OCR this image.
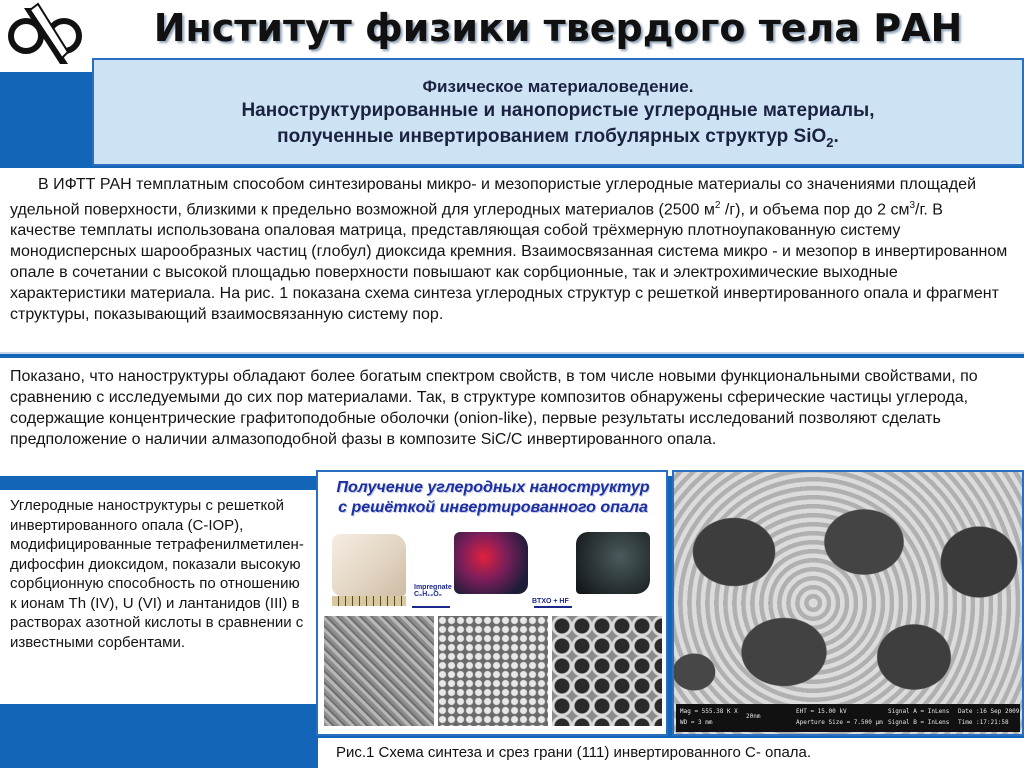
Институт физики твердого тела РАН
Физическое материаловедение.
Наноструктурированные и нанопористые углеродные материалы,
полученные инвертированием глобулярных структур SiO$_2$.
В ИФТТ РАН темплатным способом синтезированы микро- и мезопористые углеродные материалы со значениями площадей удельной поверхности, близкими к предельно возможной для углеродных материалов (2500 $м^2$ /г), и объема пор до 2 $см^3/г$. В качестве темплаты использована опаловая матрица, представляющая собой трёхмерную плотноупакованную систему монодисперсных шарообразных частиц (глобул) диоксида кремния. Взаимосвязанная система микро - и мезопор в инвертированном опале в сочетании с высокой площадью поверхности повышают как сорбционные, так и электрохимические выходные характеристики материала. На рис. 1 показана схема синтеза углеродных структур с решеткой инвертированного опала и фрагмент структуры, показывающий взаимосвязанную систему пор.
Показано, что наноструктуры обладают более богатым спектром свойств, в том числе новыми функциональными свойствами, по сравнению с исследуемыми до сих пор материалами. Так, в структуре композитов обнаружены сферические частицы углерода, содержащие концентрические графитоподобные оболочки (onion-like), первые результаты исследований позволяют сделать предположение о наличии алмазоподобной фазы в композите SiC/C инвертированного опала.
Углеродные наноструктуры с решеткой инвертированного опала (С-IOP), модифицированные тетрафенилметилен-дифосфин диоксидом, показали высокую сорбционную способность по отношению к ионам Th (IV), U (VI) и лантанидов (III) в растворах азотной кислоты в сравнении с известными сорбентами.
Получение углеродных наноструктур
с решёткой инвертированного опала
Impregnate C₆H₁₂O₆
BTXO + HF
Mag = 555.38 K X
WD = 3 mm
20nm
EHT = 15.00 kV
Aperture Size = 7.500 µm
Signal A = InLens
Signal B = InLens
Date :16 Sep 2009
Time :17:21:58
Рис.1 Схема синтеза и срез грани (111) инвертированного С- опала.
